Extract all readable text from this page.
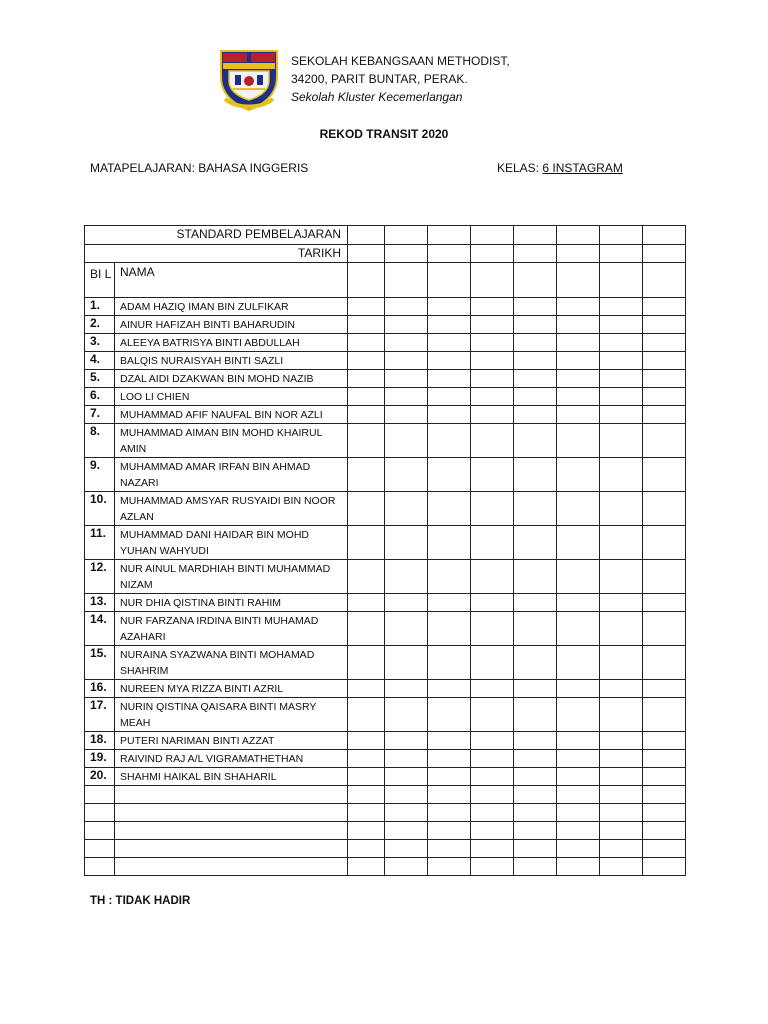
SEKOLAH KEBANGSAAN METHODIST,
34200, PARIT BUNTAR, PERAK.
Sekolah Kluster Kecemerlangan
REKOD TRANSIT 2020
MATAPELAJARAN: BAHASA INGGERIS	KELAS: 6 INSTAGRAM
STANDARD PEMBELAJARAN									
TARIKH									
BI L	NAMA								
1.	ADAM HAZIQ IMAN BIN ZULFIKAR								
2.	AINUR HAFIZAH BINTI BAHARUDIN								
3.	ALEEYA BATRISYA BINTI ABDULLAH								
4.	BALQIS NURAISYAH BINTI SAZLI								
5.	DZAL AIDI DZAKWAN BIN MOHD NAZIB								
6.	LOO LI CHIEN								
7.	MUHAMMAD AFIF NAUFAL BIN NOR AZLI								
8.	MUHAMMAD AIMAN BIN MOHD KHAIRUL AMIN								
9.	MUHAMMAD AMAR IRFAN BIN AHMAD NAZARI								
10.	MUHAMMAD AMSYAR RUSYAIDI BIN NOOR AZLAN								
11.	MUHAMMAD DANI HAIDAR BIN MOHD YUHAN WAHYUDI								
12.	NUR AINUL MARDHIAH BINTI MUHAMMAD NIZAM								
13.	NUR DHIA QISTINA BINTI RAHIM								
14.	NUR FARZANA IRDINA BINTI MUHAMAD AZAHARI								
15.	NURAINA SYAZWANA BINTI MOHAMAD SHAHRIM								
16.	NUREEN MYA RIZZA BINTI AZRIL								
17.	NURIN QISTINA QAISARA BINTI MASRY MEAH								
18.	PUTERI NARIMAN BINTI AZZAT								
19.	RAIVIND RAJ A/L VIGRAMATHETHAN								
20.	SHAHMI HAIKAL BIN SHAHARIL								

TH : TIDAK HADIR
